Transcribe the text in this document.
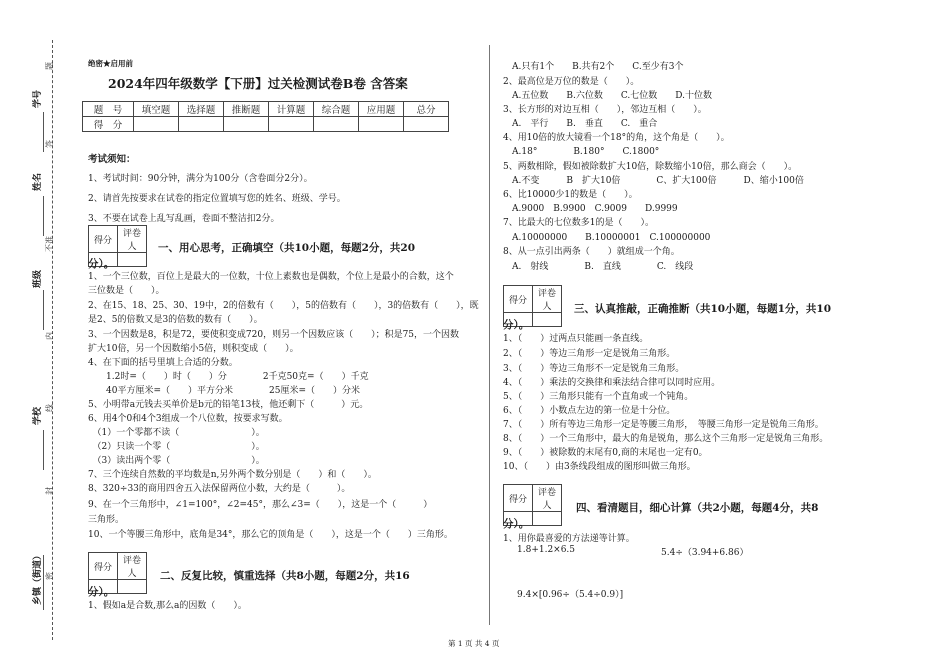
学号
姓名
班级
学校
乡镇（街道）
题
答
准
不
内
线
封
密
绝密★启用前
2024年四年级数学【下册】过关检测试卷B卷 含答案
题　号	填空题	选择题	推断题	计算题	综合题	应用题	总分
得　分							
考试须知：
1、考试时间：90分钟，满分为100分（含卷面分2分）。
2、请首先按要求在试卷的指定位置填写您的姓名、班级、学号。
3、不要在试卷上乱写乱画，卷面不整洁扣2分。
得分	评卷人
	一、用心思考，正确填空（共10小题，每题2分，共20
分）。
1、一个三位数，百位上是最大的一位数，十位上素数也是偶数，个位上是最小的合数，这个
三位数是（　　）。
2、在15、18、25、30、19中，2的倍数有（　　），5的倍数有（　　），3的倍数有（　　），既
是2、5的倍数又是3的倍数的数有（　　）。
3、一个因数是8，积是72，要使积变成720，则另一个因数应该（　　）；积是75，一个因数
扩大10倍，另一个因数缩小5倍，则积变成（　　）。
4、在下面的括号里填上合适的分数。
　　1.2时=（　　）时（　　）分　　　　2千克50克=（　　）千克
　　40平方厘米=（　　）平方分米　　　　25厘米=（　　）分米
5、小明带a元钱去买单价是b元的铅笔13枝，他还剩下（　　　）元。
6、用4个0和4个3组成一个八位数，按要求写数。
　（1）一个零都不读（　　　　　　　　）。
　（2）只读一个零（　　　　　　　　　）。
　（3）读出两个零（　　　　　　　　　）。
7、三个连续自然数的平均数是n,另外两个数分别是（　　）和（　　）。
8、320÷33的商用四舍五入法保留两位小数，大约是（　　　）。
9、在一个三角形中，∠1=100°，∠2=45°，那么∠3=（　　），这是一个（　　　）
三角形。
10、一个等腰三角形中，底角是34°，那么它的顶角是（　　），这是一个（　　）三角形。
得分	评卷人
	二、反复比较，慎重选择（共8小题，每题2分，共16
分）。
1、假如a是合数,那么a的因数（　　）。
　A.只有1个　　B.共有2个　　C.至少有3个
2、最高位是万位的数是（　　）。
　A.五位数　　B.六位数　　C.七位数　　D.十位数
3、长方形的对边互相（　　），邻边互相（　　）。
　A.　平行　　B.　垂直　　C.　重合
4、用10倍的放大镜看一个18°的角，这个角是（　　）。
　A.18°　　　　B.180°　　C.1800°
5、两数相除，假如被除数扩大10倍，除数缩小10倍，那么商会（　　）。
　A.不变　　　B　扩大10倍　　　　C、扩大100倍　　　D、缩小100倍
6、比10000少1的数是（　　）。
　A.9000　B.9900　C.9009　　D.9999
7、比最大的七位数多1的是（　　）。
　A.10000000　　B.10000001　C.100000000
8、从一点引出两条（　　）就组成一个角。
　A.　射线　　　　B.　直线　　　　C.　线段
得分	评卷人
	三、认真推敲，正确推断（共10小题，每题1分，共10
分）。
1、（　　）过两点只能画一条直线。
2、（　　）等边三角形一定是锐角三角形。
3、（　　）等边三角形不一定是锐角三角形。
4、（　　）乘法的交换律和乘法结合律可以同时应用。
5、（　　）三角形只能有一个直角或一个钝角。
6、（　　）小数点左边的第一位是十分位。
7、（　　）所有等边三角形一定是等腰三角形，　等腰三角形一定是锐角三角形。
8、（　　）一个三角形中，最大的角是锐角，那么这个三角形一定是锐角三角形。
9、（　　）被除数的末尾有0,商的末尾也一定有0。
10、（　　）由3条线段组成的图形叫做三角形。
得分	评卷人
	四、看清题目，细心计算（共2小题，每题4分，共8
分）。
1、用你最喜爱的方法递等计算。
1.8+1.2×6.5	5.4÷（3.94+6.86）
9.4×[0.96÷（5.4÷0.9）]
第 1 页 共 4 页
